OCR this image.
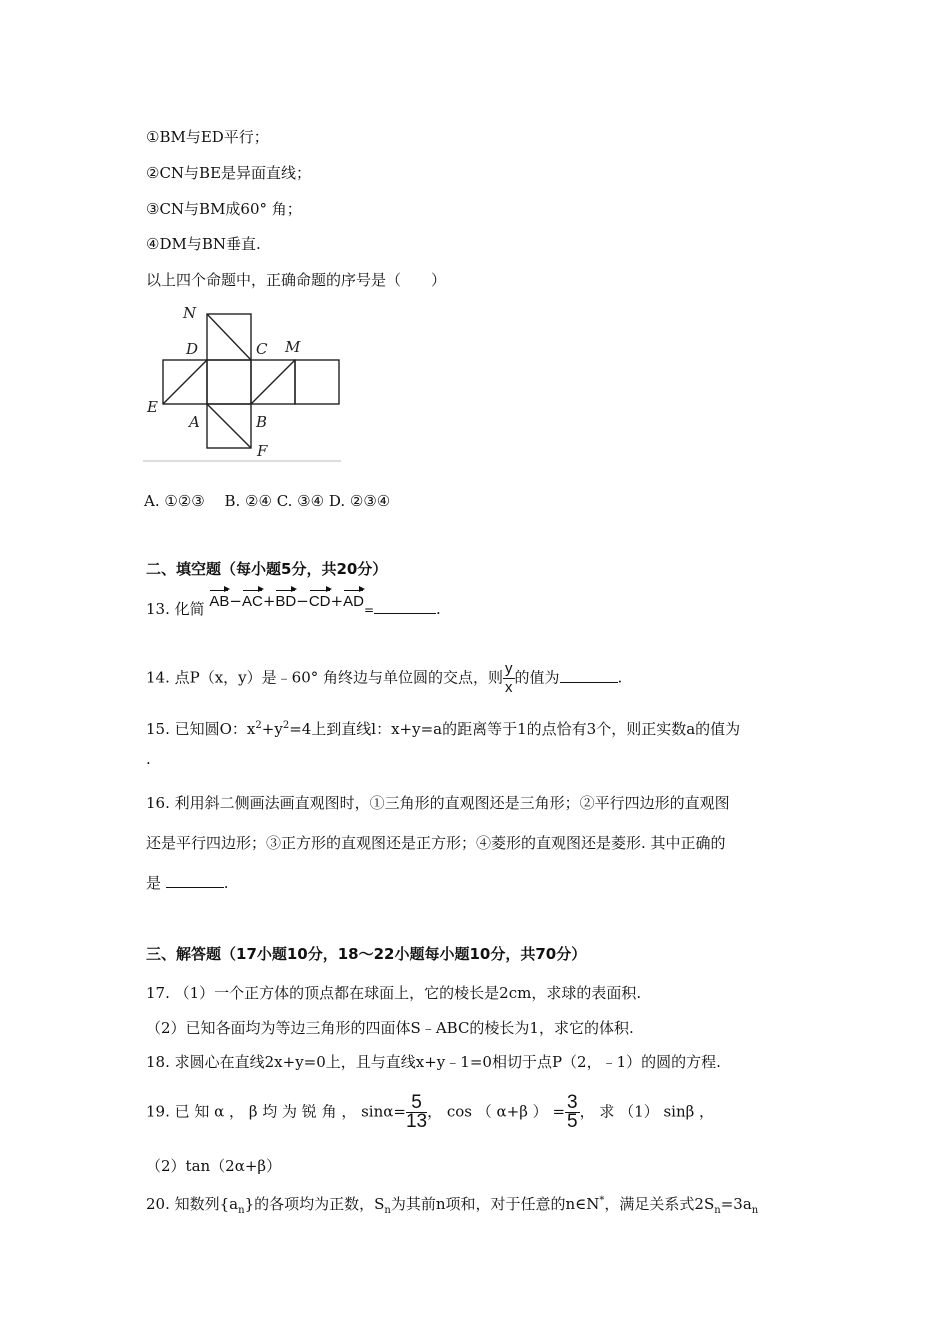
①BM与ED平行；
②CN与BE是异面直线；
③CN与BM成60° 角；
④DM与BN垂直.
以上四个命题中，正确命题的序号是（　　）
N
D	C M
E
A	B
F
A. ①②③　 B. ②④ C. ③④ D. ②③④
二、填空题（每小题5分，共20分）
13. 化简 AB−AC+BD−CD+AD=	.
14. 点P（x，y）是﹣60° 角终边与单位圆的交点，则 $\frac{y}{x}$ 的值为	.
15. 已知圆O：$x^2+y^2=4$上到直线l：x+y=a的距离等于1的点恰有3个，则正实数a的值为
.
16. 利用斜二侧画法画直观图时，①三角形的直观图还是三角形；②平行四边形的直观图
还是平行四边形；③正方形的直观图还是正方形；④菱形的直观图还是菱形. 其中正确的
是	.
三、解答题（17小题10分，18～22小题每小题10分，共70分）
17. （1）一个正方体的顶点都在球面上，它的棱长是2cm，求球的表面积.
（2）已知各面均为等边三角形的四面体S﹣ABC的棱长为1，求它的体积.
18. 求圆心在直线2x+y=0上，且与直线x+y﹣1=0相切于点P（2，﹣1）的圆的方程.
19. 已 知 α ， β 均 为 锐 角 ， $\sin\alpha= \frac{5}{13}$ ， cos （ α+β ） = $\frac{3}{5}$ ， 求 （1） sinβ ，
（2）tan（2α+β）
20. 知数列$\{a_n\}$的各项均为正数，$S_n$为其前n项和，对于任意的n∈N*，满足关系式$2S_n=3a_n$
